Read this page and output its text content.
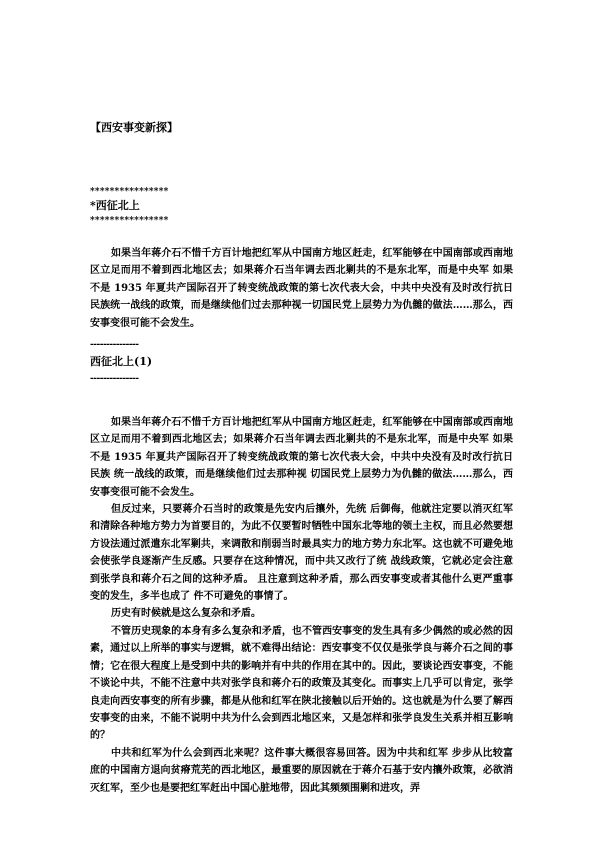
【西安事变新探】
****************
*西征北上
****************

如果当年蒋介石不惜千方百计地把红军从中国南方地区赶走，红军能够在中国南部或西南地区立足而用不着到西北地区去；如果蒋介石当年调去西北剿共的不是东北军，而是中央军 如果不是 1935 年夏共产国际召开了转变统战政策的第七次代表大会，中共中央没有及时改行抗日民族统一战线的政策，而是继续他们过去那种视一切国民党上层势力为仇雠的做法……那么，西安事变很可能不会发生。

---------------
西征北上(1)
---------------

如果当年蒋介石不惜千方百计地把红军从中国南方地区赶走，红军能够在中国南部或西南地区立足而用不着到西北地区去；如果蒋介石当年调去西北剿共的不是东北军，而是中央军 如果不是 1935 年夏共产国际召开了转变统战政策的第七次代表大会，中共中央没有及时改行抗日民族 统一战线的政策，而是继续他们过去那种视 切国民党上层势力为仇雠的做法……那么，西安事变很可能不会发生。

但反过来，只要蒋介石当时的政策是先安内后攘外，先统 后御侮，他就注定要以消灭红军和清除各种地方势力为首要目的，为此不仅要暂时牺牲中国东北等地的领土主权，而且必然要想方设法通过派遣东北军剿共，来调散和削弱当时最具实力的地方势力东北军。这也就不可避免地会使张学良逐渐产生反感。只要存在这种情况，而中共又改行了统 战线政策，它就必定会注意到张学良和蒋介石之间的这种矛盾。 且注意到这种矛盾，那么西安事变或者其他什么更严重事变的发生，多半也成了 件不可避免的事情了。

历史有时候就是这么复杂和矛盾。

不管历史现象的本身有多么复杂和矛盾，也不管西安事变的发生具有多少偶然的或必然的因素，通过以上所举的事实与逻辑，就不难得出结论：西安事变不仅仅是张学良与蒋介石之间的事情；它在很大程度上是受到中共的影响并有中共的作用在其中的。因此，要谈论西安事变，不能不谈论中共，不能不注意中共对张学良和蒋介石的政策及其变化。而事实上几乎可以肯定，张学良走向西安事变的所有步骤，都是从他和红军在陕北接触以后开始的。这也就是为什么要了解西安事变的由来，不能不说明中共为什么会到西北地区来，又是怎样和张学良发生关系并相互影响的？

中共和红军为什么会到西北来呢？这件事大概很容易回答。因为中共和红军 步步从比较富庶的中国南方退向贫瘠荒芜的西北地区，最重要的原因就在于蒋介石基于安内攘外政策，必欲消灭红军，至少也是要把红军赶出中国心脏地带，因此其频频围剿和进攻，弄
